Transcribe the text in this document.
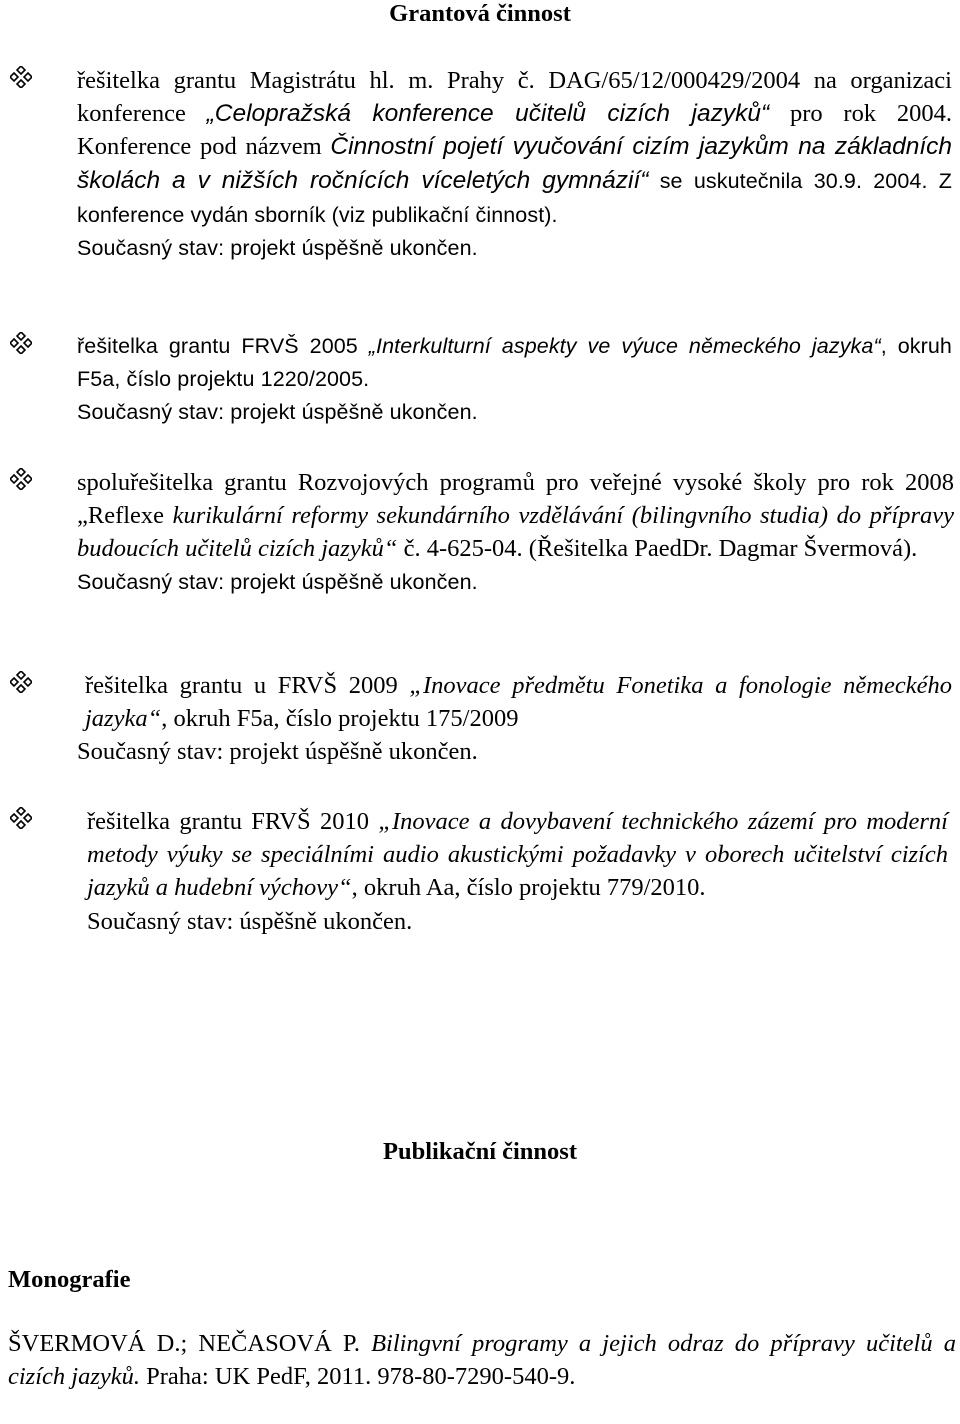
Grantová činnost

řešitelka grantu Magistrátu hl. m. Prahy č. DAG/65/12/000429/2004 na organizaci konference „Celopražská konference učitelů cizích jazyků“ pro rok 2004. Konference pod názvem Činnostní pojetí vyučování cizím jazykům na základních školách a v nižších ročnících víceletých gymnázií“ se uskutečnila 30.9. 2004. Z konference vydán sborník (viz publikační činnost).

Současný stav: projekt úspěšně ukončen.

řešitelka grantu FRVŠ 2005 „Interkulturní aspekty ve výuce německého jazyka“, okruh F5a, číslo projektu 1220/2005.

Současný stav: projekt úspěšně ukončen.

spoluřešitelka grantu Rozvojových programů pro veřejné vysoké školy pro rok 2008 „Reflexe kurikulární reformy sekundárního vzdělávání (bilingvního studia) do přípravy budoucích učitelů cizích jazyků“ č. 4-625-04. (Řešitelka PaedDr. Dagmar Švermová).

Současný stav: projekt úspěšně ukončen.

řešitelka grantu u FRVŠ 2009 „Inovace předmětu Fonetika a fonologie německého jazyka“, okruh F5a, číslo projektu 175/2009

Současný stav: projekt úspěšně ukončen.

řešitelka grantu FRVŠ 2010 „Inovace a dovybavení technického zázemí pro moderní metody výuky se speciálními audio akustickými požadavky v oborech učitelství cizích jazyků a hudební výchovy“, okruh Aa, číslo projektu 779/2010.

Současný stav: úspěšně ukončen.

Publikační činnost
Monografie
ŠVERMOVÁ D.; NEČASOVÁ P. Bilingvní programy a jejich odraz do přípravy učitelů a cizích jazyků. Praha: UK PedF, 2011. 978-80-7290-540-9.
